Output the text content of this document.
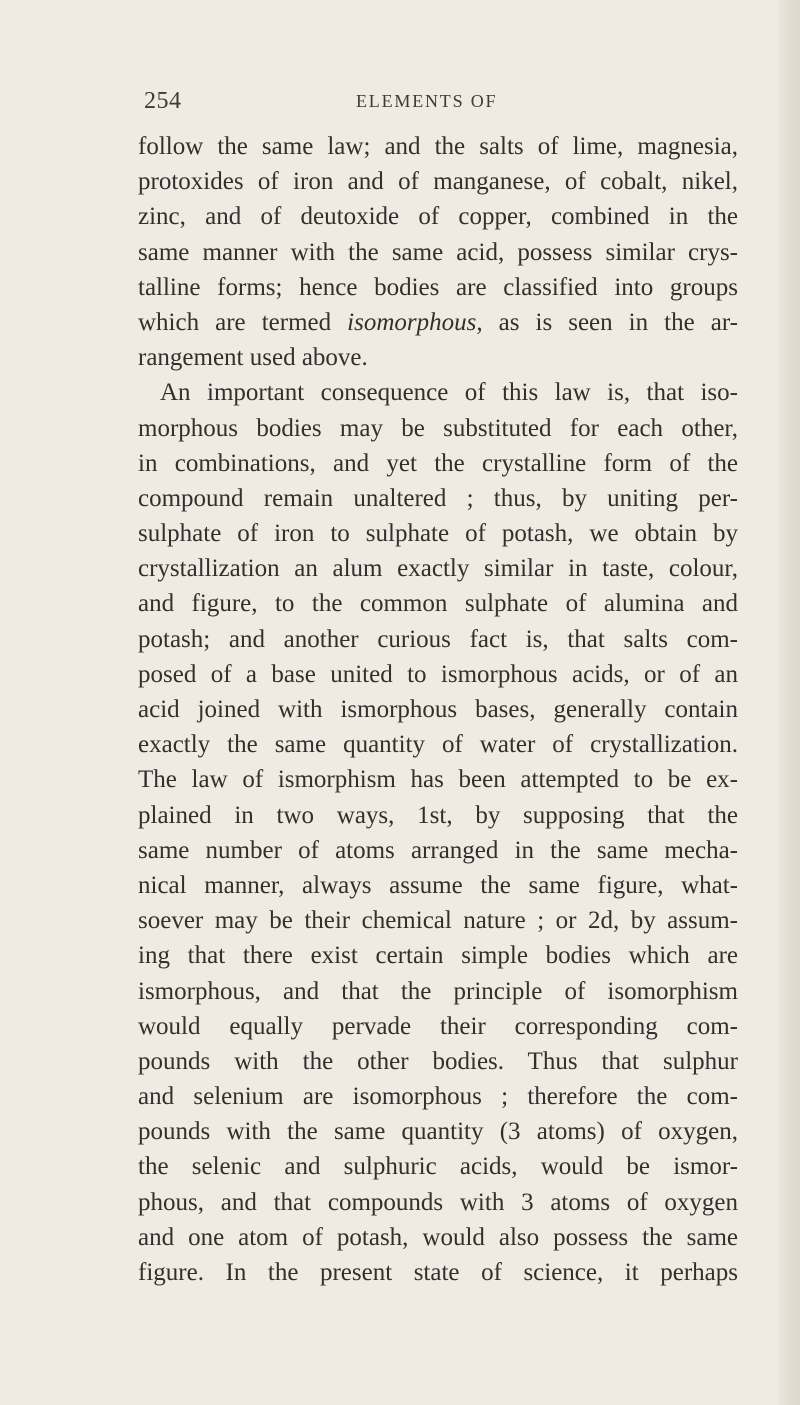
254	ELEMENTS OF
follow the same law; and the salts of lime, magnesia,
protoxides of iron and of manganese, of cobalt, nikel,
zinc, and of deutoxide of copper, combined in the
same manner with the same acid, possess similar crys-
talline forms; hence bodies are classified into groups
which are termed isomorphous, as is seen in the ar-
rangement used above.
An important consequence of this law is, that iso-
morphous bodies may be substituted for each other,
in combinations, and yet the crystalline form of the
compound remain unaltered ; thus, by uniting per-
sulphate of iron to sulphate of potash, we obtain by
crystallization an alum exactly similar in taste, colour,
and figure, to the common sulphate of alumina and
potash; and another curious fact is, that salts com-
posed of a base united to ismorphous acids, or of an
acid joined with ismorphous bases, generally contain
exactly the same quantity of water of crystallization.
The law of ismorphism has been attempted to be ex-
plained in two ways, 1st, by supposing that the
same number of atoms arranged in the same mecha-
nical manner, always assume the same figure, what-
soever may be their chemical nature ; or 2d, by assum-
ing that there exist certain simple bodies which are
ismorphous, and that the principle of isomorphism
would equally pervade their corresponding com-
pounds with the other bodies. Thus that sulphur
and selenium are isomorphous ; therefore the com-
pounds with the same quantity (3 atoms) of oxygen,
the selenic and sulphuric acids, would be ismor-
phous, and that compounds with 3 atoms of oxygen
and one atom of potash, would also possess the same
figure. In the present state of science, it perhaps
